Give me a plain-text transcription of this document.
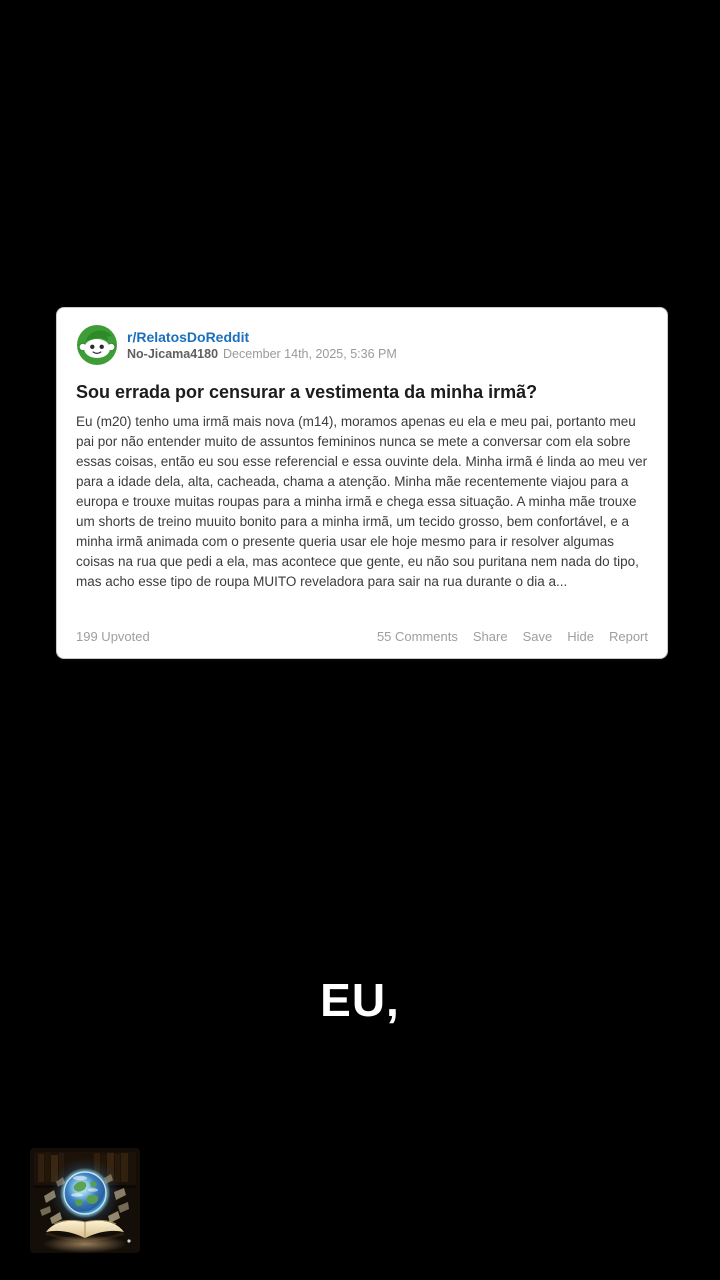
r/RelatosDoReddit
No-Jicama4180 December 14th, 2025, 5:36 PM
Sou errada por censurar a vestimenta da minha irmã?
Eu (m20) tenho uma irmã mais nova (m14), moramos apenas eu ela e meu pai, portanto meu pai por não entender muito de assuntos femininos nunca se mete a conversar com ela sobre essas coisas, então eu sou esse referencial e essa ouvinte dela. Minha irmã é linda ao meu ver para a idade dela, alta, cacheada, chama a atenção. Minha mãe recentemente viajou para a europa e trouxe muitas roupas para a minha irmã e chega essa situação. A minha mãe trouxe um shorts de treino muuito bonito para a minha irmã, um tecido grosso, bem confortável, e a minha irmã animada com o presente queria usar ele hoje mesmo para ir resolver algumas coisas na rua que pedi a ela, mas acontece que gente, eu não sou puritana nem nada do tipo, mas acho esse tipo de roupa MUITO reveladora para sair na rua durante o dia a...
199 Upvoted	55 Comments Share Save Hide Report
EU,
